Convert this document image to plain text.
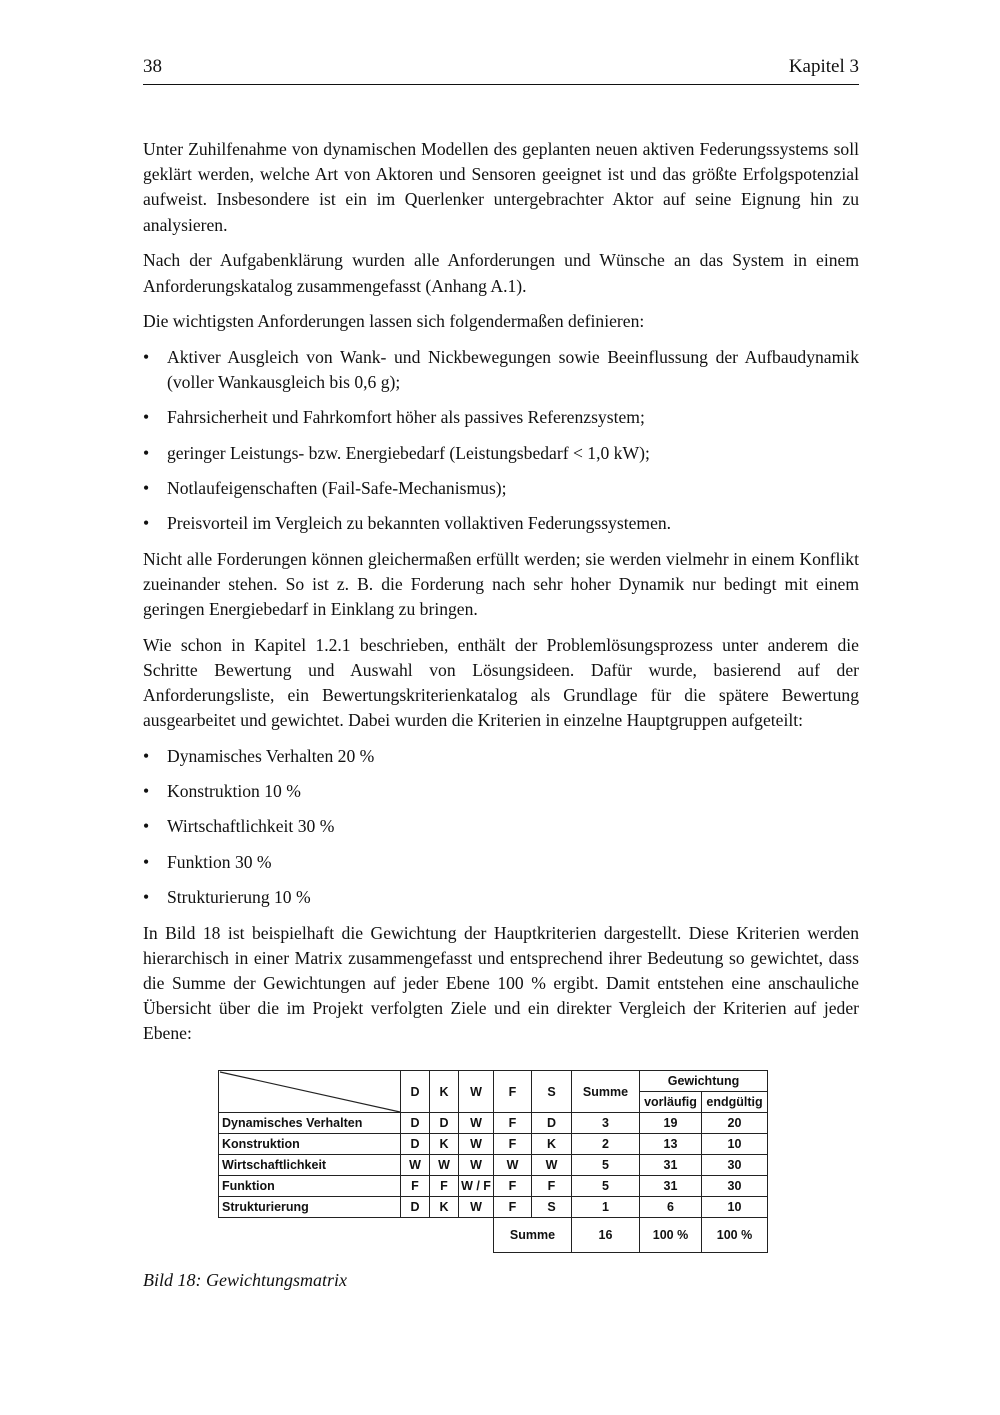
38	Kapitel 3

Unter Zuhilfenahme von dynamischen Modellen des geplanten neuen aktiven Federungssystems soll geklärt werden, welche Art von Aktoren und Sensoren geeignet ist und das größte Erfolgspotenzial aufweist. Insbesondere ist ein im Querlenker untergebrachter Aktor auf seine Eignung hin zu analysieren.

Nach der Aufgabenklärung wurden alle Anforderungen und Wünsche an das System in einem Anforderungskatalog zusammengefasst (Anhang A.1).

Die wichtigsten Anforderungen lassen sich folgendermaßen definieren:

• Aktiver Ausgleich von Wank- und Nickbewegungen sowie Beeinflussung der Aufbaudynamik (voller Wankausgleich bis 0,6 g);
• Fahrsicherheit und Fahrkomfort höher als passives Referenzsystem;
• geringer Leistungs- bzw. Energiebedarf (Leistungsbedarf < 1,0 kW);
• Notlaufeigenschaften (Fail-Safe-Mechanismus);
• Preisvorteil im Vergleich zu bekannten vollaktiven Federungssystemen.

Nicht alle Forderungen können gleichermaßen erfüllt werden; sie werden vielmehr in einem Konflikt zueinander stehen. So ist z. B. die Forderung nach sehr hoher Dynamik nur bedingt mit einem geringen Energiebedarf in Einklang zu bringen.

Wie schon in Kapitel 1.2.1 beschrieben, enthält der Problemlösungsprozess unter anderem die Schritte Bewertung und Auswahl von Lösungsideen. Dafür wurde, basierend auf der Anforderungsliste, ein Bewertungskriterienkatalog als Grundlage für die spätere Bewertung ausgearbeitet und gewichtet. Dabei wurden die Kriterien in einzelne Hauptgruppen aufgeteilt:

• Dynamisches Verhalten 20 %
• Konstruktion 10 %
• Wirtschaftlichkeit 30 %
• Funktion 30 %
• Strukturierung 10 %

In Bild 18 ist beispielhaft die Gewichtung der Hauptkriterien dargestellt. Diese Kriterien werden hierarchisch in einer Matrix zusammengefasst und entsprechend ihrer Bedeutung so gewichtet, dass die Summe der Gewichtungen auf jeder Ebene 100 % ergibt. Damit entstehen eine anschauliche Übersicht über die im Projekt verfolgten Ziele und ein direkter Vergleich der Kriterien auf jeder Ebene:

	D	K	W	F	S	Summe	Gewichtung	
							vorläufig	endgültig
Dynamisches Verhalten	D	D	W	F	D	3	19	20
Konstruktion	D	K	W	F	K	2	13	10
Wirtschaftlichkeit	W	W	W	W	W	5	31	30
Funktion	F	F	W / F	F	F	5	31	30
Strukturierung	D	K	W	F	S	1	6	10
				Summe		16	100 %	100 %
Bild 18: Gewichtungsmatrix
